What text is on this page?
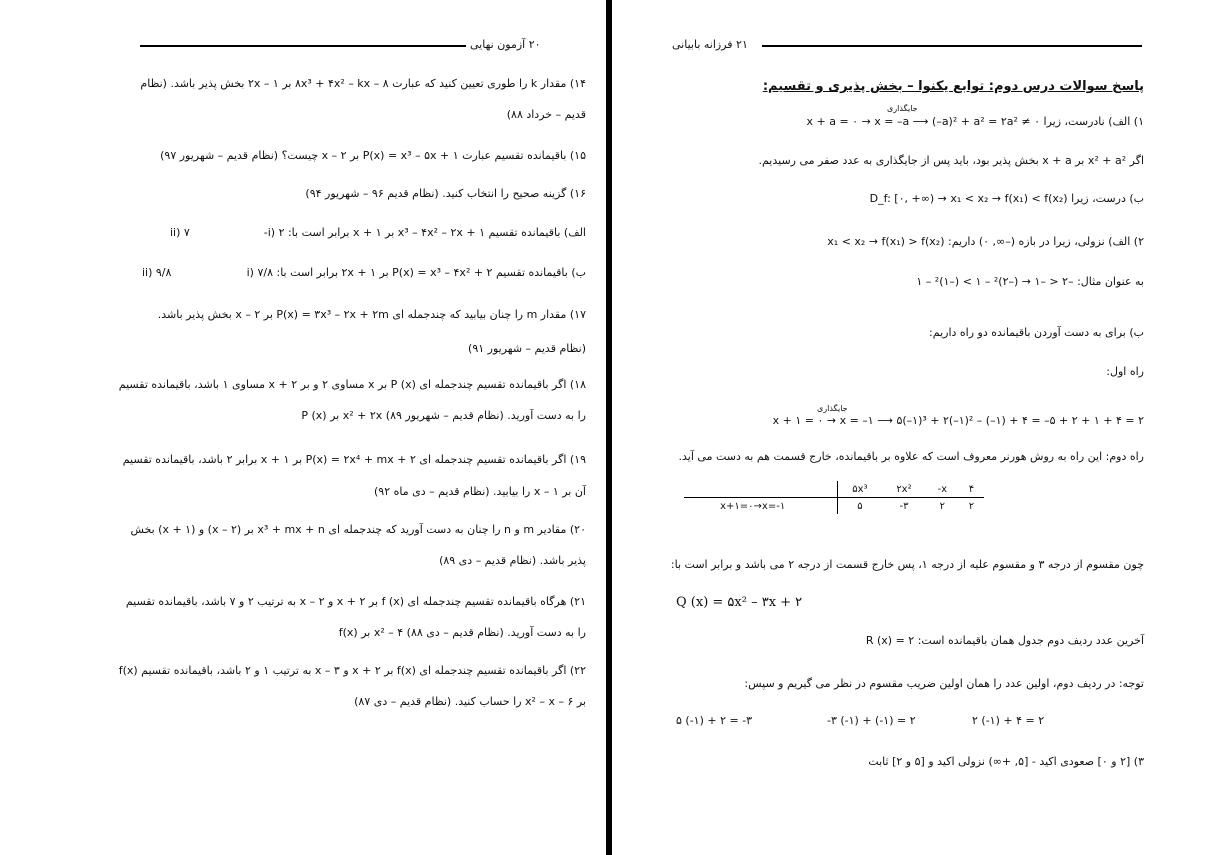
۲۰ آزمون نهایی
۱۴) مقدار k را طوری تعیین کنید که عبارت ۸ – ۸x³ + ۴x² – kx بر ۱ – ۲x بخش پذیر باشد. (نظام
قدیم – خرداد ۸۸)
۱۵) باقیمانده تقسیم عبارت P(x) = x³ – ۵x + ۱ بر x – ۲ چیست؟ (نظام قدیم – شهریور ۹۷)
۱۶) گزینه صحیح را انتخاب کنید. (نظام قدیم ۹۶ – شهریور ۹۴)
الف) باقیمانده تقسیم x³ – ۴x² – ۲x + ۱ بر x + ۱ برابر است با: i) ۲-
ii) ۷
ب) باقیمانده تقسیم P(x) = x³ – ۴x² + ۲ بر ۲x + ۱ برابر است با: i) ۷/۸
ii) ۹/۸
۱۷) مقدار m را چنان بیابید که چندجمله ای P(x) = ۳x³ – ۲x + ۲m بر x – ۲ بخش پذیر باشد.
(نظام قدیم – شهریور ۹۱)
۱۸) اگر باقیمانده تقسیم چندجمله ای P (x) بر x مساوی ۲ و بر x + ۲ مساوی ۱ باشد، باقیمانده تقسیم
P (x) بر x² + ۲x را به دست آورید. (نظام قدیم – شهریور ۸۹)
۱۹) اگر باقیمانده تقسیم چندجمله ای P(x) = ۲x⁴ + mx + ۲ بر x + ۱ برابر ۲ باشد، باقیمانده تقسیم
آن بر x – ۱ را بیابید. (نظام قدیم – دی ماه ۹۲)
۲۰) مقادیر m و n را چنان به دست آورید که چندجمله ای x³ + mx + n بر (x – ۲) و (x + ۱) بخش
پذیر باشد. (نظام قدیم – دی ۸۹)
۲۱) هرگاه باقیمانده تقسیم چندجمله ای f (x) بر x + ۲ و x – ۲ به ترتیب ۲ و ۷ باشد، باقیمانده تقسیم
f(x) بر x² – ۴ را به دست آورید. (نظام قدیم – دی ۸۸)
۲۲) اگر باقیمانده تقسیم چندجمله ای f(x) بر x + ۲ و x – ۳ به ترتیب ۱ و ۲ باشد، باقیمانده تقسیم f(x)
بر x² – x – ۶ را حساب کنید. (نظام قدیم – دی ۸۷)
۲۱ فرزانه بابیانی
پاسخ سوالات درس دوم: توابع یکنوا – بخش پذیری و تقسیم:
۱) الف) نادرست، زیرا x + a = ۰ → x = –a ⟶ (–a)² + a² = ۲a² ≠ ۰
جایگذاری
اگر x² + a² بر x + a بخش پذیر بود، باید پس از جایگذاری به عدد صفر می رسیدیم.
ب) درست، زیرا D_f: [۰, +∞) → x₁ < x₂ → f(x₁) < f(x₂)
۲) الف) نزولی، زیرا در بازه (–∞, ۰) داریم: x₁ < x₂ → f(x₁) > f(x₂)
به عنوان مثال: –۲ < –۱ → (–۲)² – ۱ > (–۱)² – ۱
ب) برای به دست آوردن باقیمانده دو راه داریم:
راه اول:
x + ۱ = ۰ → x = –۱ ⟶ ۵(–۱)³ + ۲(–۱)² – (–۱) + ۴ = –۵ + ۲ + ۱ + ۴ = ۲
جایگذاری
راه دوم: این راه به روش هورنر معروف است که علاوه بر باقیمانده، خارج قسمت هم به دست می آید.
		۵x³	۲x²	-x	۴
x+۱=۰→x=-۱		۵	-۳	۲	۲
چون مقسوم از درجه ۳ و مقسوم علیه از درجه ۱، پس خارج قسمت از درجه ۲ می باشد و برابر است با:
Q (x) = ۵x² – ۳x + ۲
آخرین عدد ردیف دوم جدول همان باقیمانده است: R (x) = ۲
توجه: در ردیف دوم، اولین عدد را همان اولین ضریب مقسوم در نظر می گیریم و سپس:
۵ (-۱) + ۲ = -۳	-۳ (-۱) + (-۱) = ۲	۲ (-۱) + ۴ = ۲
۳) [۲ و ۰] صعودی اکید - [۵, +∞) نزولی اکید و [۵ و ۲] ثابت
